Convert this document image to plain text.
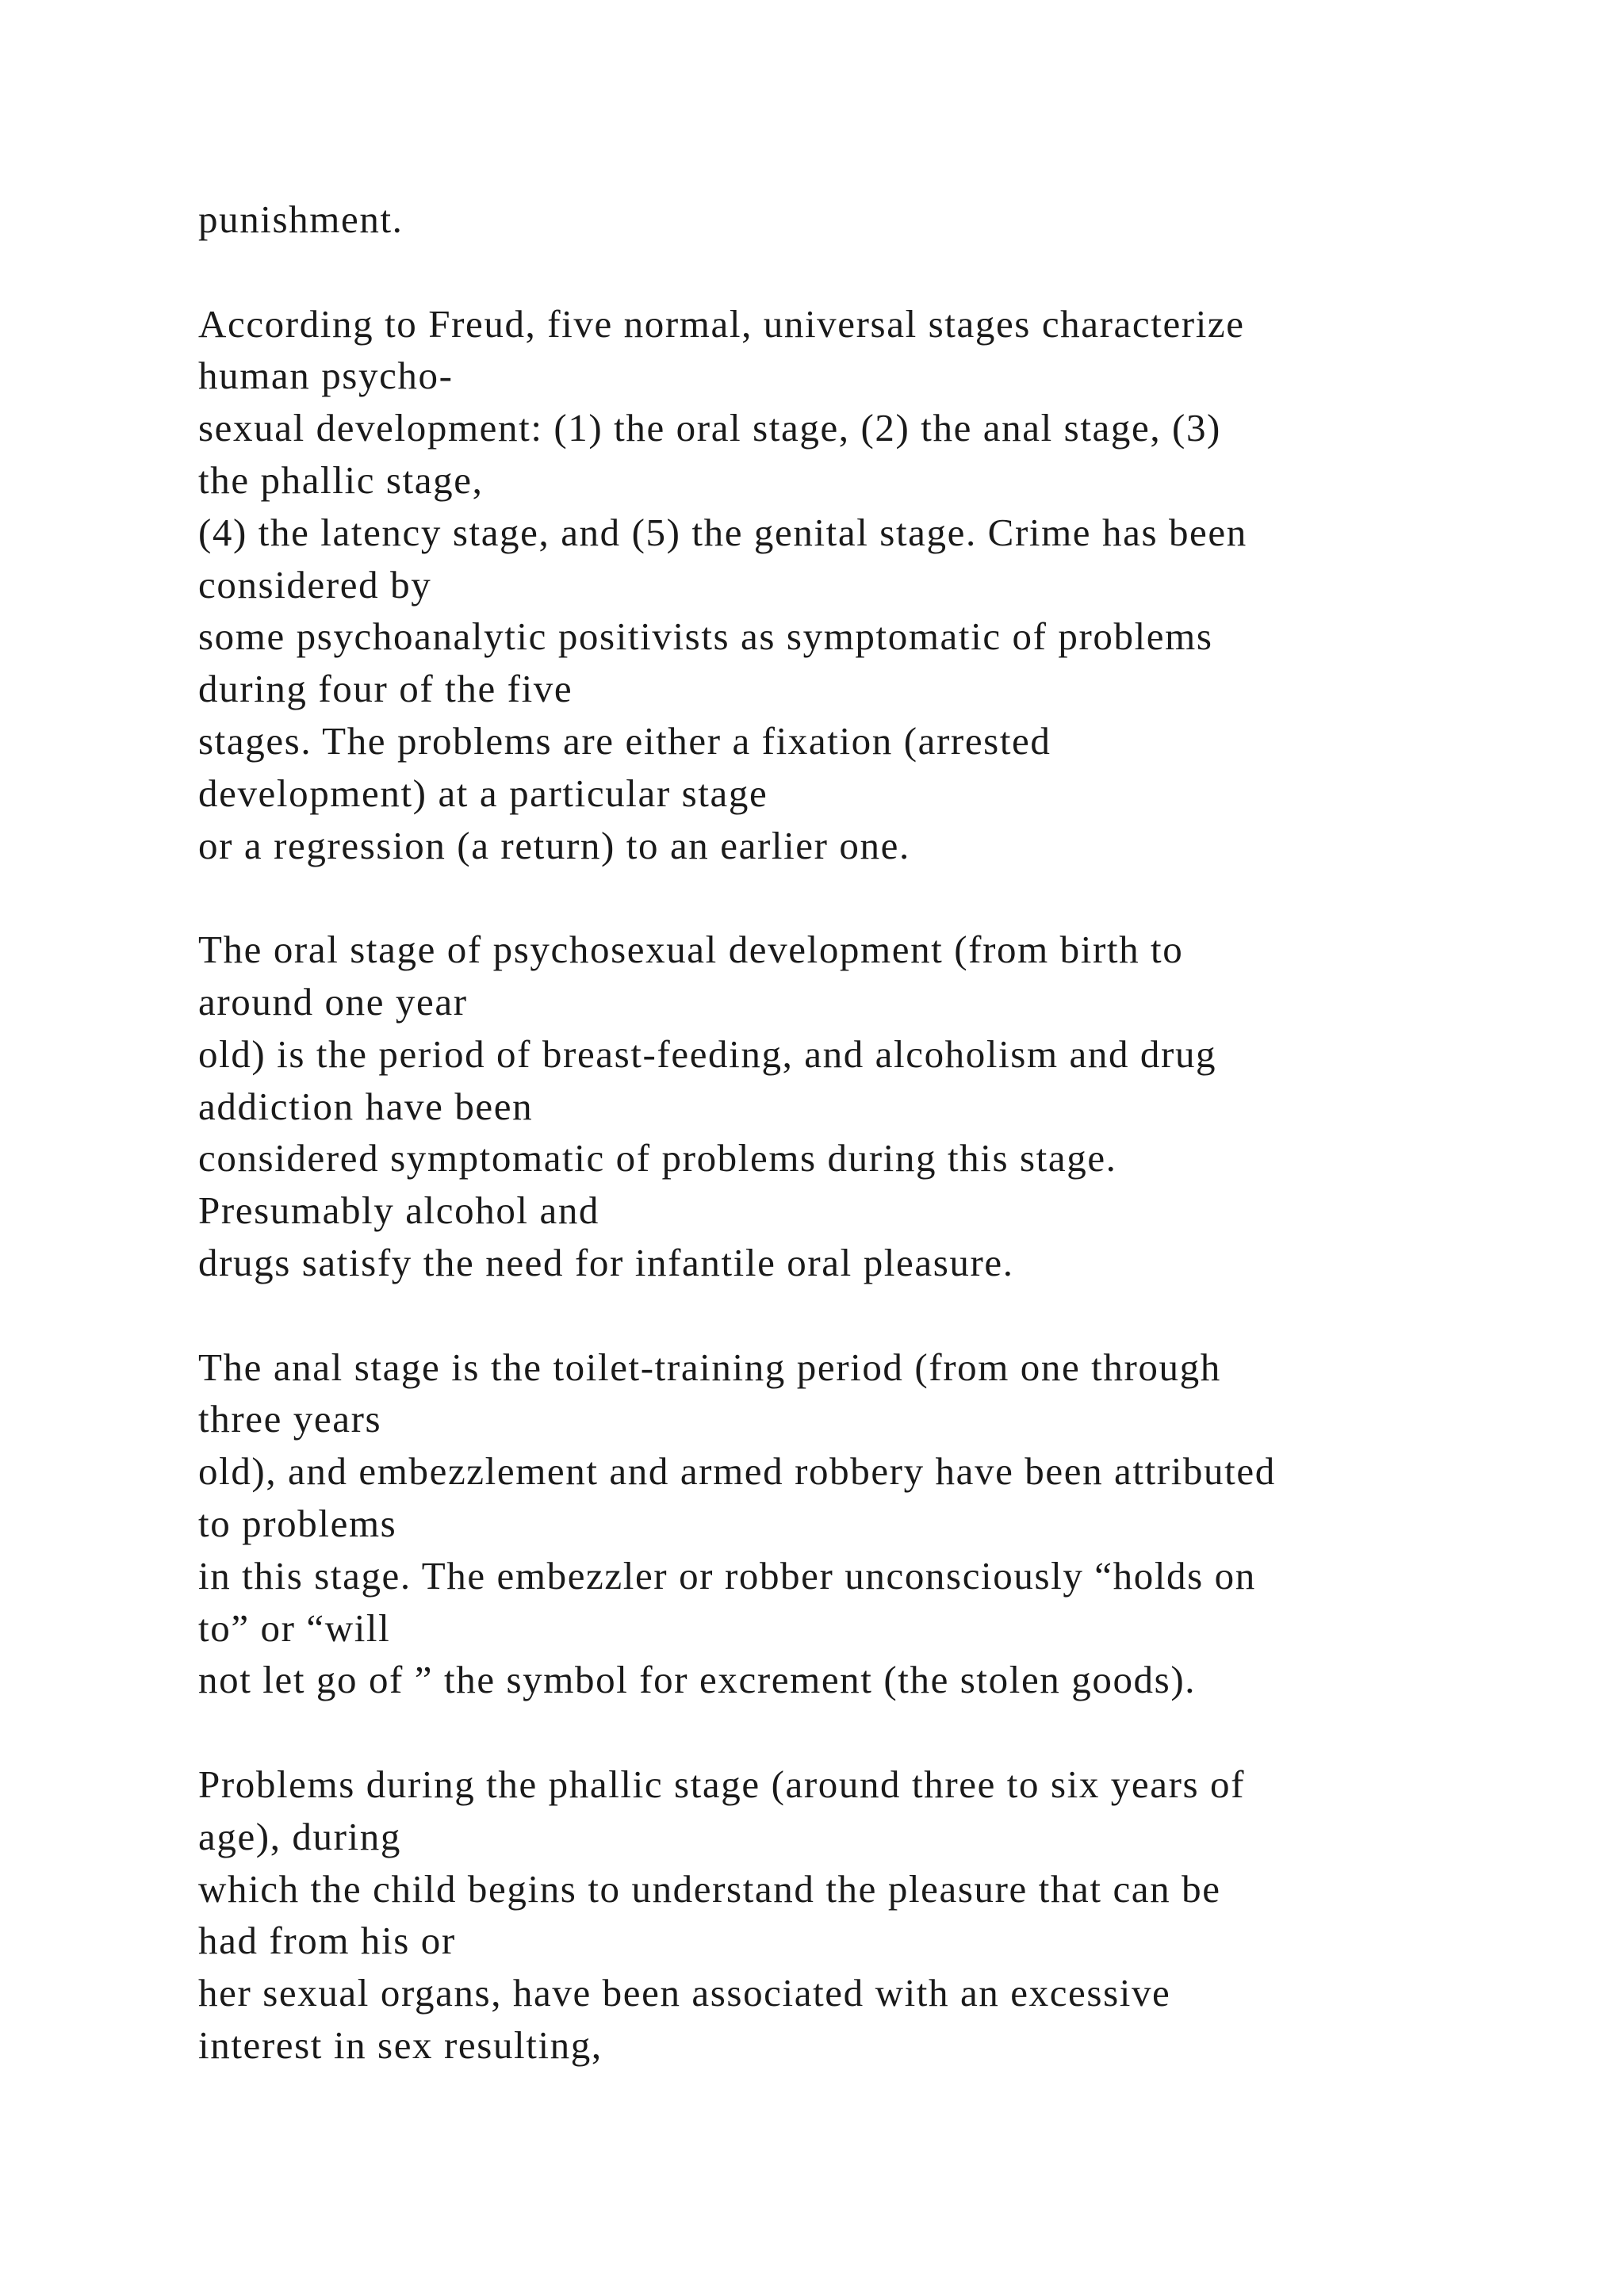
punishment.

According to Freud, five normal, universal stages characterize
human psycho-
sexual development: (1) the oral stage, (2) the anal stage, (3)
the phallic stage,
(4) the latency stage, and (5) the genital stage. Crime has been
considered by
some psychoanalytic positivists as symptomatic of problems
during four of the five
stages. The problems are either a fixation (arrested
development) at a particular stage
or a regression (a return) to an earlier one.

The oral stage of psychosexual development (from birth to
around one year
old) is the period of breast-feeding, and alcoholism and drug
addiction have been
considered symptomatic of problems during this stage.
Presumably alcohol and
drugs satisfy the need for infantile oral pleasure.

The anal stage is the toilet-training period (from one through
three years
old), and embezzlement and armed robbery have been attributed
to problems
in this stage. The embezzler or robber unconsciously “holds on
to” or “will
not let go of ” the symbol for excrement (the stolen goods).

Problems during the phallic stage (around three to six years of
age), during
which the child begins to understand the pleasure that can be
had from his or
her sexual organs, have been associated with an excessive
interest in sex resulting,
